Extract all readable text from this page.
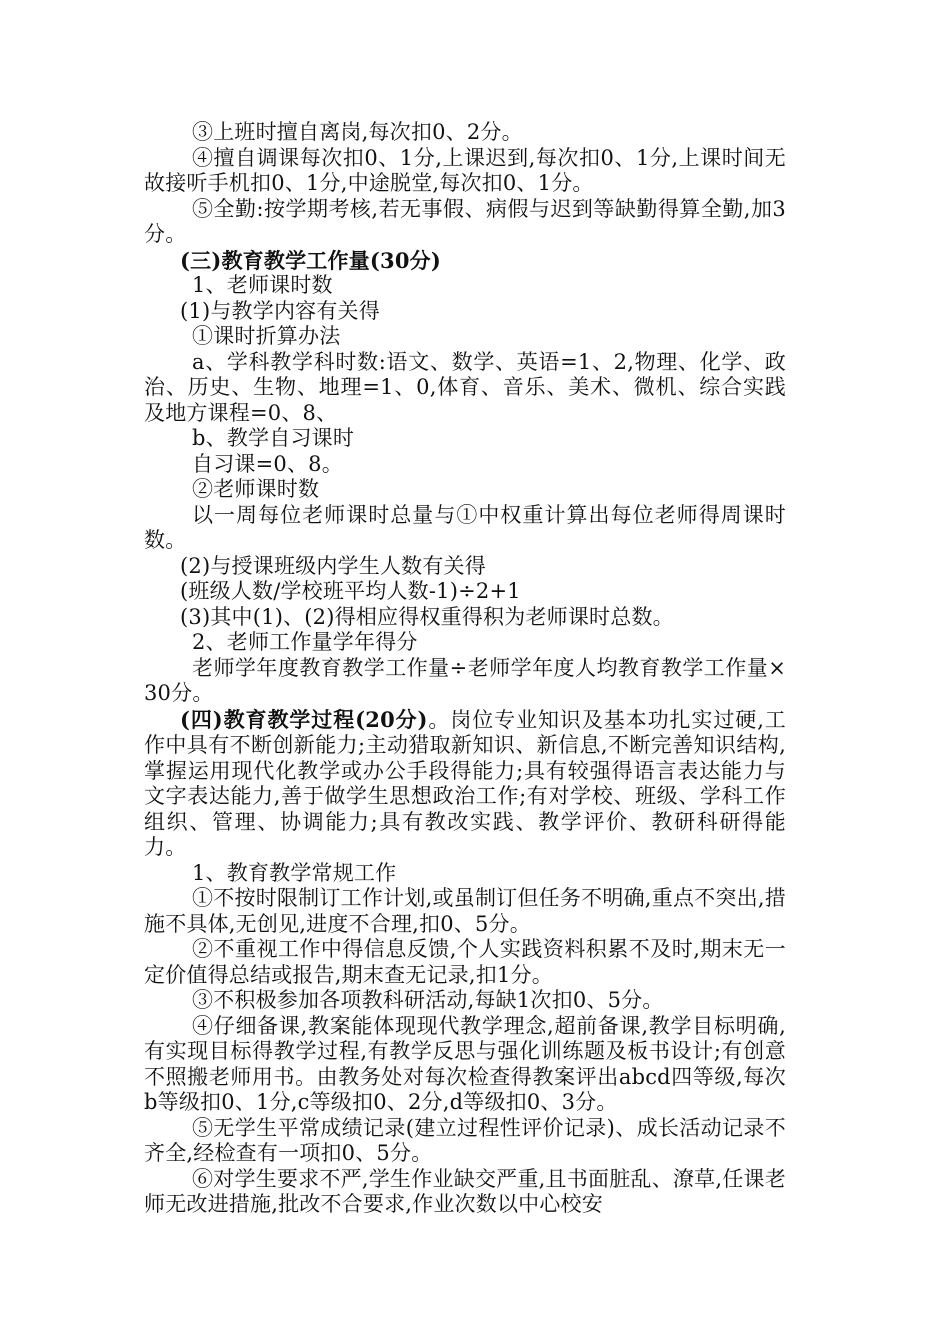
③上班时擅自离岗,每次扣0、2分。

④擅自调课每次扣0、1分,上课迟到,每次扣0、1分,上课时间无故接听手机扣0、1分,中途脱堂,每次扣0、1分。

⑤全勤:按学期考核,若无事假、病假与迟到等缺勤得算全勤,加3分。

(三)教育教学工作量(30分)

1、老师课时数

(1)与教学内容有关得

①课时折算办法

a、学科教学科时数:语文、数学、英语=1、2,物理、化学、政治、历史、生物、地理=1、0,体育、音乐、美术、微机、综合实践及地方课程=0、8、

b、教学自习课时

自习课=0、8。

②老师课时数

以一周每位老师课时总量与①中权重计算出每位老师得周课时数。

(2)与授课班级内学生人数有关得

(班级人数/学校班平均人数-1)÷2+1

(3)其中(1)、(2)得相应得权重得积为老师课时总数。

2、老师工作量学年得分

老师学年度教育教学工作量÷老师学年度人均教育教学工作量×30分。

(四)教育教学过程(20分)。岗位专业知识及基本功扎实过硬,工作中具有不断创新能力;主动猎取新知识、新信息,不断完善知识结构,掌握运用现代化教学或办公手段得能力;具有较强得语言表达能力与文字表达能力,善于做学生思想政治工作;有对学校、班级、学科工作组织、管理、协调能力;具有教改实践、教学评价、教研科研得能力。

1、教育教学常规工作

①不按时限制订工作计划,或虽制订但任务不明确,重点不突出,措施不具体,无创见,进度不合理,扣0、5分。

②不重视工作中得信息反馈,个人实践资料积累不及时,期末无一定价值得总结或报告,期末查无记录,扣1分。

③不积极参加各项教科研活动,每缺1次扣0、5分。

④仔细备课,教案能体现现代教学理念,超前备课,教学目标明确,有实现目标得教学过程,有教学反思与强化训练题及板书设计;有创意不照搬老师用书。由教务处对每次检查得教案评出abcd四等级,每次b等级扣0、1分,c等级扣0、2分,d等级扣0、3分。

⑤无学生平常成绩记录(建立过程性评价记录)、成长活动记录不齐全,经检查有一项扣0、5分。

⑥对学生要求不严,学生作业缺交严重,且书面脏乱、潦草,任课老师无改进措施,批改不合要求,作业次数以中心校安
